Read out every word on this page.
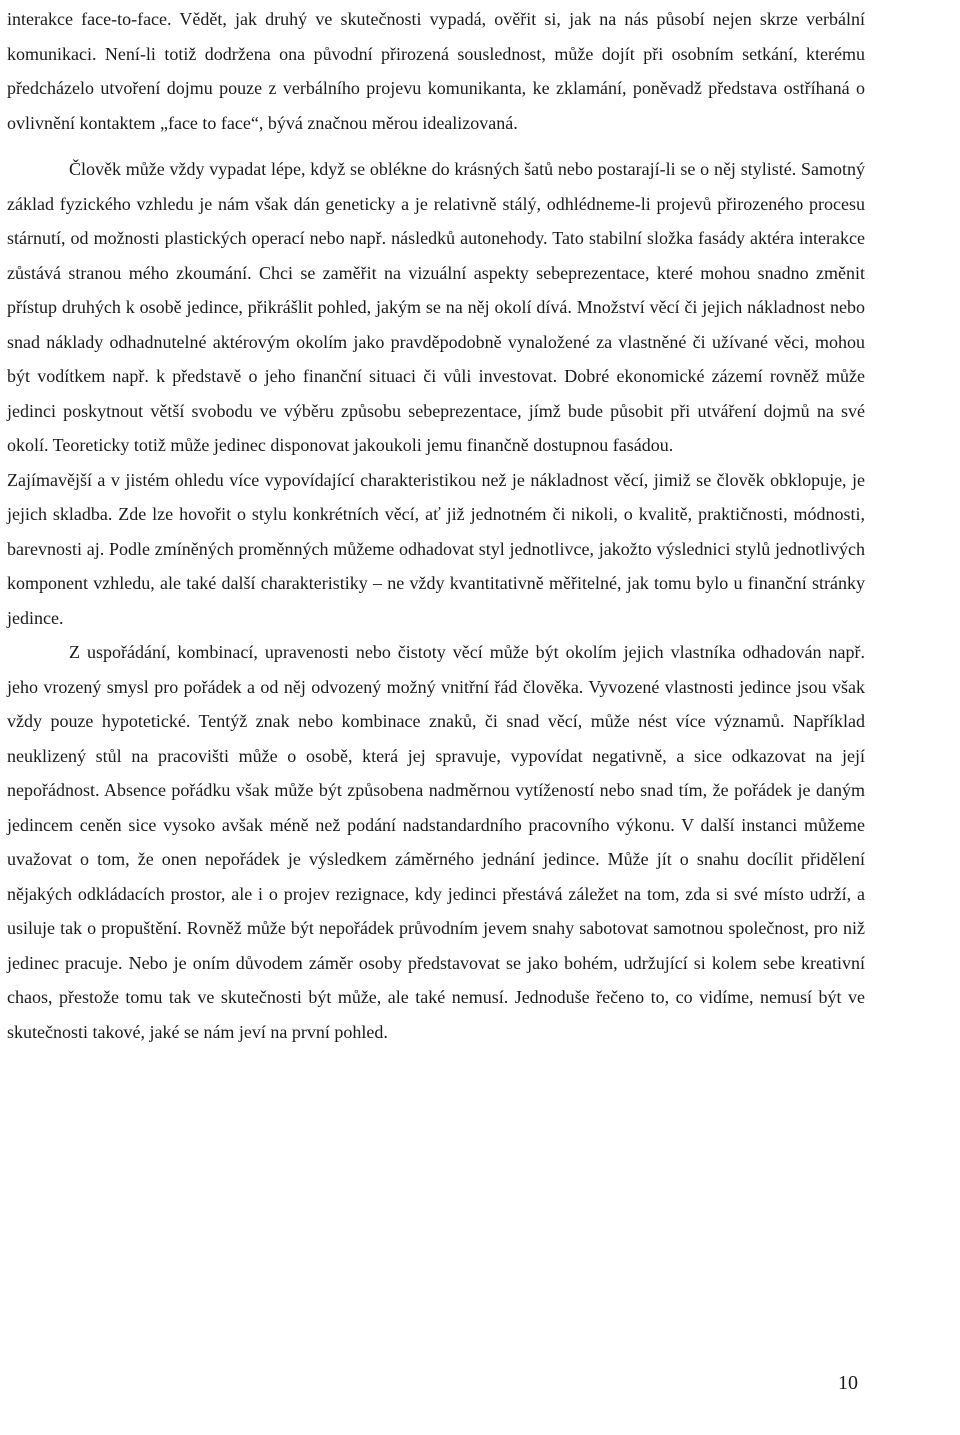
interakce face-to-face. Vědět, jak druhý ve skutečnosti vypadá, ověřit si, jak na nás působí nejen skrze verbální komunikaci. Není-li totiž dodržena ona původní přirozená souslednost, může dojít při osobním setkání, kterému předcházelo utvoření dojmu pouze z verbálního projevu komunikanta, ke zklamání, poněvadž představa ostříhaná o ovlivnění kontaktem „face to face“, bývá značnou měrou idealizovaná.

Člověk může vždy vypadat lépe, když se oblékne do krásných šatů nebo postarají-li se o něj stylisté. Samotný základ fyzického vzhledu je nám však dán geneticky a je relativně stálý, odhlédneme-li projevů přirozeného procesu stárnutí, od možnosti plastických operací nebo např. následků autonehody. Tato stabilní složka fasády aktéra interakce zůstává stranou mého zkoumání. Chci se zaměřit na vizuální aspekty sebeprezentace, které mohou snadno změnit přístup druhých k osobě jedince, přikrášlit pohled, jakým se na něj okolí dívá. Množství věcí či jejich nákladnost nebo snad náklady odhadnutelné aktérovým okolím jako pravděpodobně vynaložené za vlastněné či užívané věci, mohou být vodítkem např. k představě o jeho finanční situaci či vůli investovat. Dobré ekonomické zázemí rovněž může jedinci poskytnout větší svobodu ve výběru způsobu sebeprezentace, jímž bude působit při utváření dojmů na své okolí. Teoreticky totiž může jedinec disponovat jakoukoli jemu finančně dostupnou fasádou.

Zajímavější a v jistém ohledu více vypovídající charakteristikou než je nákladnost věcí, jimiž se člověk obklopuje, je jejich skladba. Zde lze hovořit o stylu konkrétních věcí, ať již jednotném či nikoli, o kvalitě, praktičnosti, módnosti, barevnosti aj. Podle zmíněných proměnných můžeme odhadovat styl jednotlivce, jakožto výslednici stylů jednotlivých komponent vzhledu, ale také další charakteristiky – ne vždy kvantitativně měřitelné, jak tomu bylo u finanční stránky jedince.

Z uspořádání, kombinací, upravenosti nebo čistoty věcí může být okolím jejich vlastníka odhadován např. jeho vrozený smysl pro pořádek a od něj odvozený možný vnitřní řád člověka. Vyvozené vlastnosti jedince jsou však vždy pouze hypotetické. Tentýž znak nebo kombinace znaků, či snad věcí, může nést více významů. Například neuklizený stůl na pracovišti může o osobě, která jej spravuje, vypovídat negativně, a sice odkazovat na její nepořádnost. Absence pořádku však může být způsobena nadměrnou vytížeností nebo snad tím, že pořádek je daným jedincem ceněn sice vysoko avšak méně než podání nadstandardního pracovního výkonu. V další instanci můžeme uvažovat o tom, že onen nepořádek je výsledkem záměrného jednání jedince. Může jít o snahu docílit přidělení nějakých odkládacích prostor, ale i o projev rezignace, kdy jedinci přestává záležet na tom, zda si své místo udrží, a usiluje tak o propuštění. Rovněž může být nepořádek průvodním jevem snahy sabotovat samotnou společnost, pro niž jedinec pracuje. Nebo je oním důvodem záměr osoby představovat se jako bohém, udržující si kolem sebe kreativní chaos, přestože tomu tak ve skutečnosti být může, ale také nemusí. Jednoduše řečeno to, co vidíme, nemusí být ve skutečnosti takové, jaké se nám jeví na první pohled.

10
